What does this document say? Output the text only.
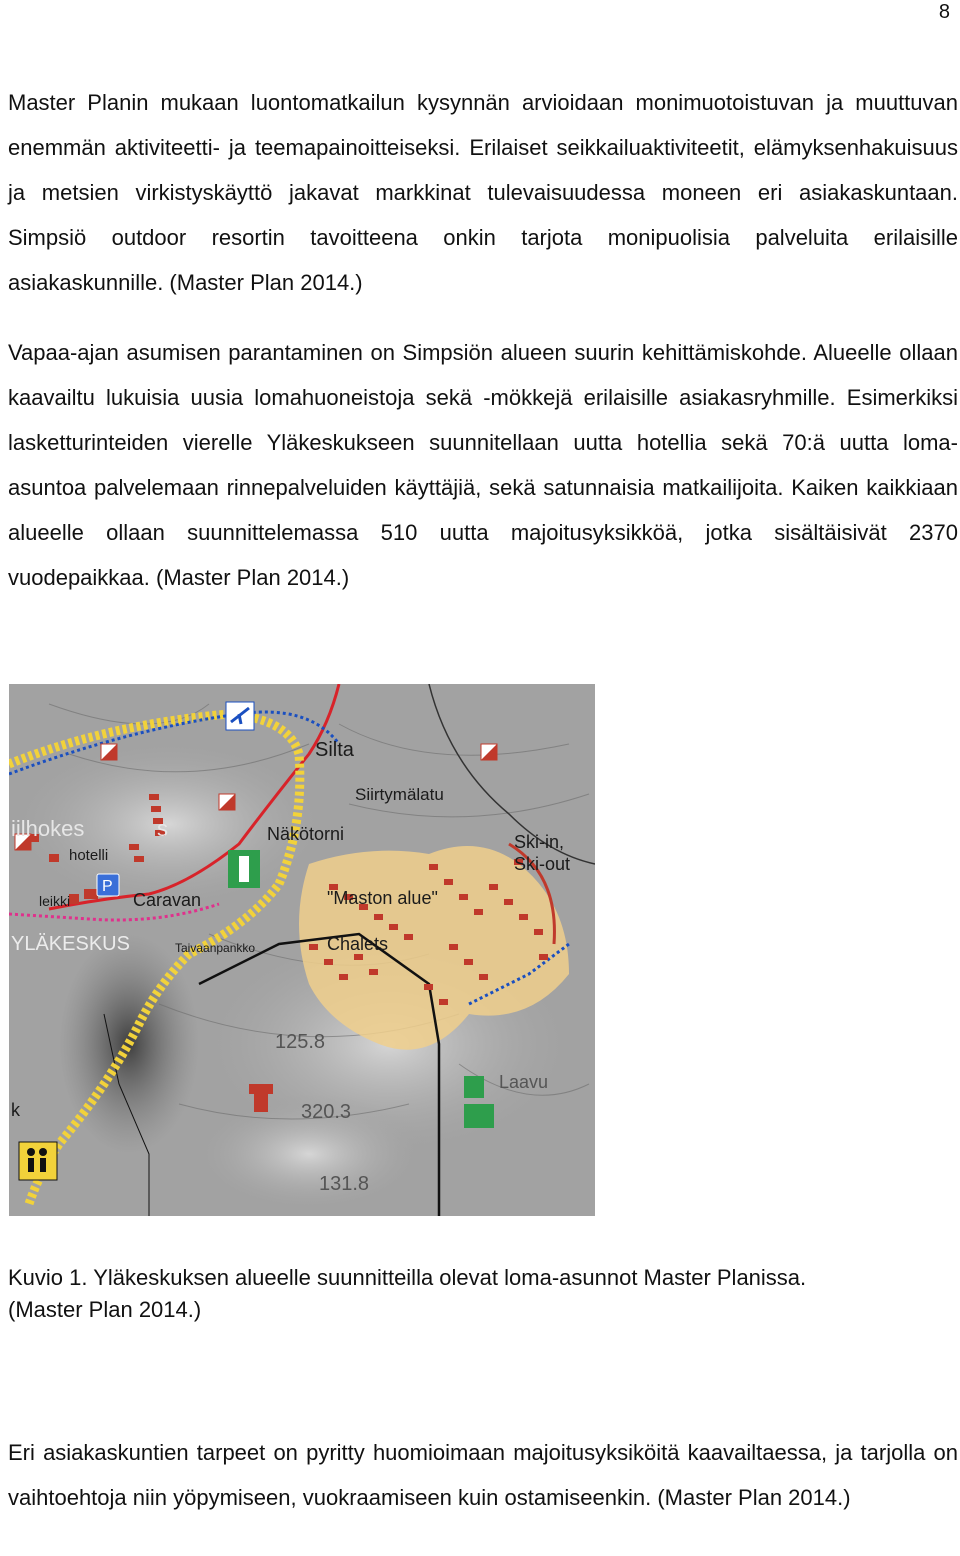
8

Master Planin mukaan luontomatkailun kysynnän arvioidaan monimuotoistuvan ja muuttuvan enemmän aktiviteetti- ja teemapainoitteiseksi. Erilaiset seikkailuaktiviteetit, elämyksenhakuisuus ja metsien virkistyskäyttö jakavat markkinat tulevaisuudessa moneen eri asiakaskuntaan. Simpsiö outdoor resortin tavoitteena onkin tarjota monipuolisia palveluita erilaisille asiakaskunnille. (Master Plan 2014.)

Vapaa-ajan asumisen parantaminen on Simpsiön alueen suurin kehittämiskohde. Alueelle ollaan kaavailtu lukuisia uusia lomahuoneistoja sekä -mökkejä erilaisille asiakasryhmille. Esimerkiksi lasketturinteiden vierelle Yläkeskukseen suunnitellaan uutta hotellia sekä 70:ä uutta loma-asuntoa palvelemaan rinnepalveluiden käyttäjiä, sekä satunnaisia matkailijoita. Kaiken kaikkiaan alueelle ollaan suunnittelemassa 510 uutta majoitusyksikköä, jotka sisältäisivät 2370 vuodepaikkaa. (Master Plan 2014.)

Silta
Siirtymälatu
iilhokes	s
hotelli
Näkötorni	Ski-in,
Ski-out
leikki
P
Caravan	"Maston alue"
YLÄKESKUS	Chalets
Taivaanpankko
125.8
Laavu
320.3
131.8
k

Kuvio 1. Yläkeskuksen alueelle suunnitteilla olevat loma-asunnot Master Planissa.
(Master Plan 2014.)

Eri asiakaskuntien tarpeet on pyritty huomioimaan majoitusyksiköitä kaavailtaessa, ja tarjolla on vaihtoehtoja niin yöpymiseen, vuokraamiseen kuin ostamiseenkin. (Master Plan 2014.)
